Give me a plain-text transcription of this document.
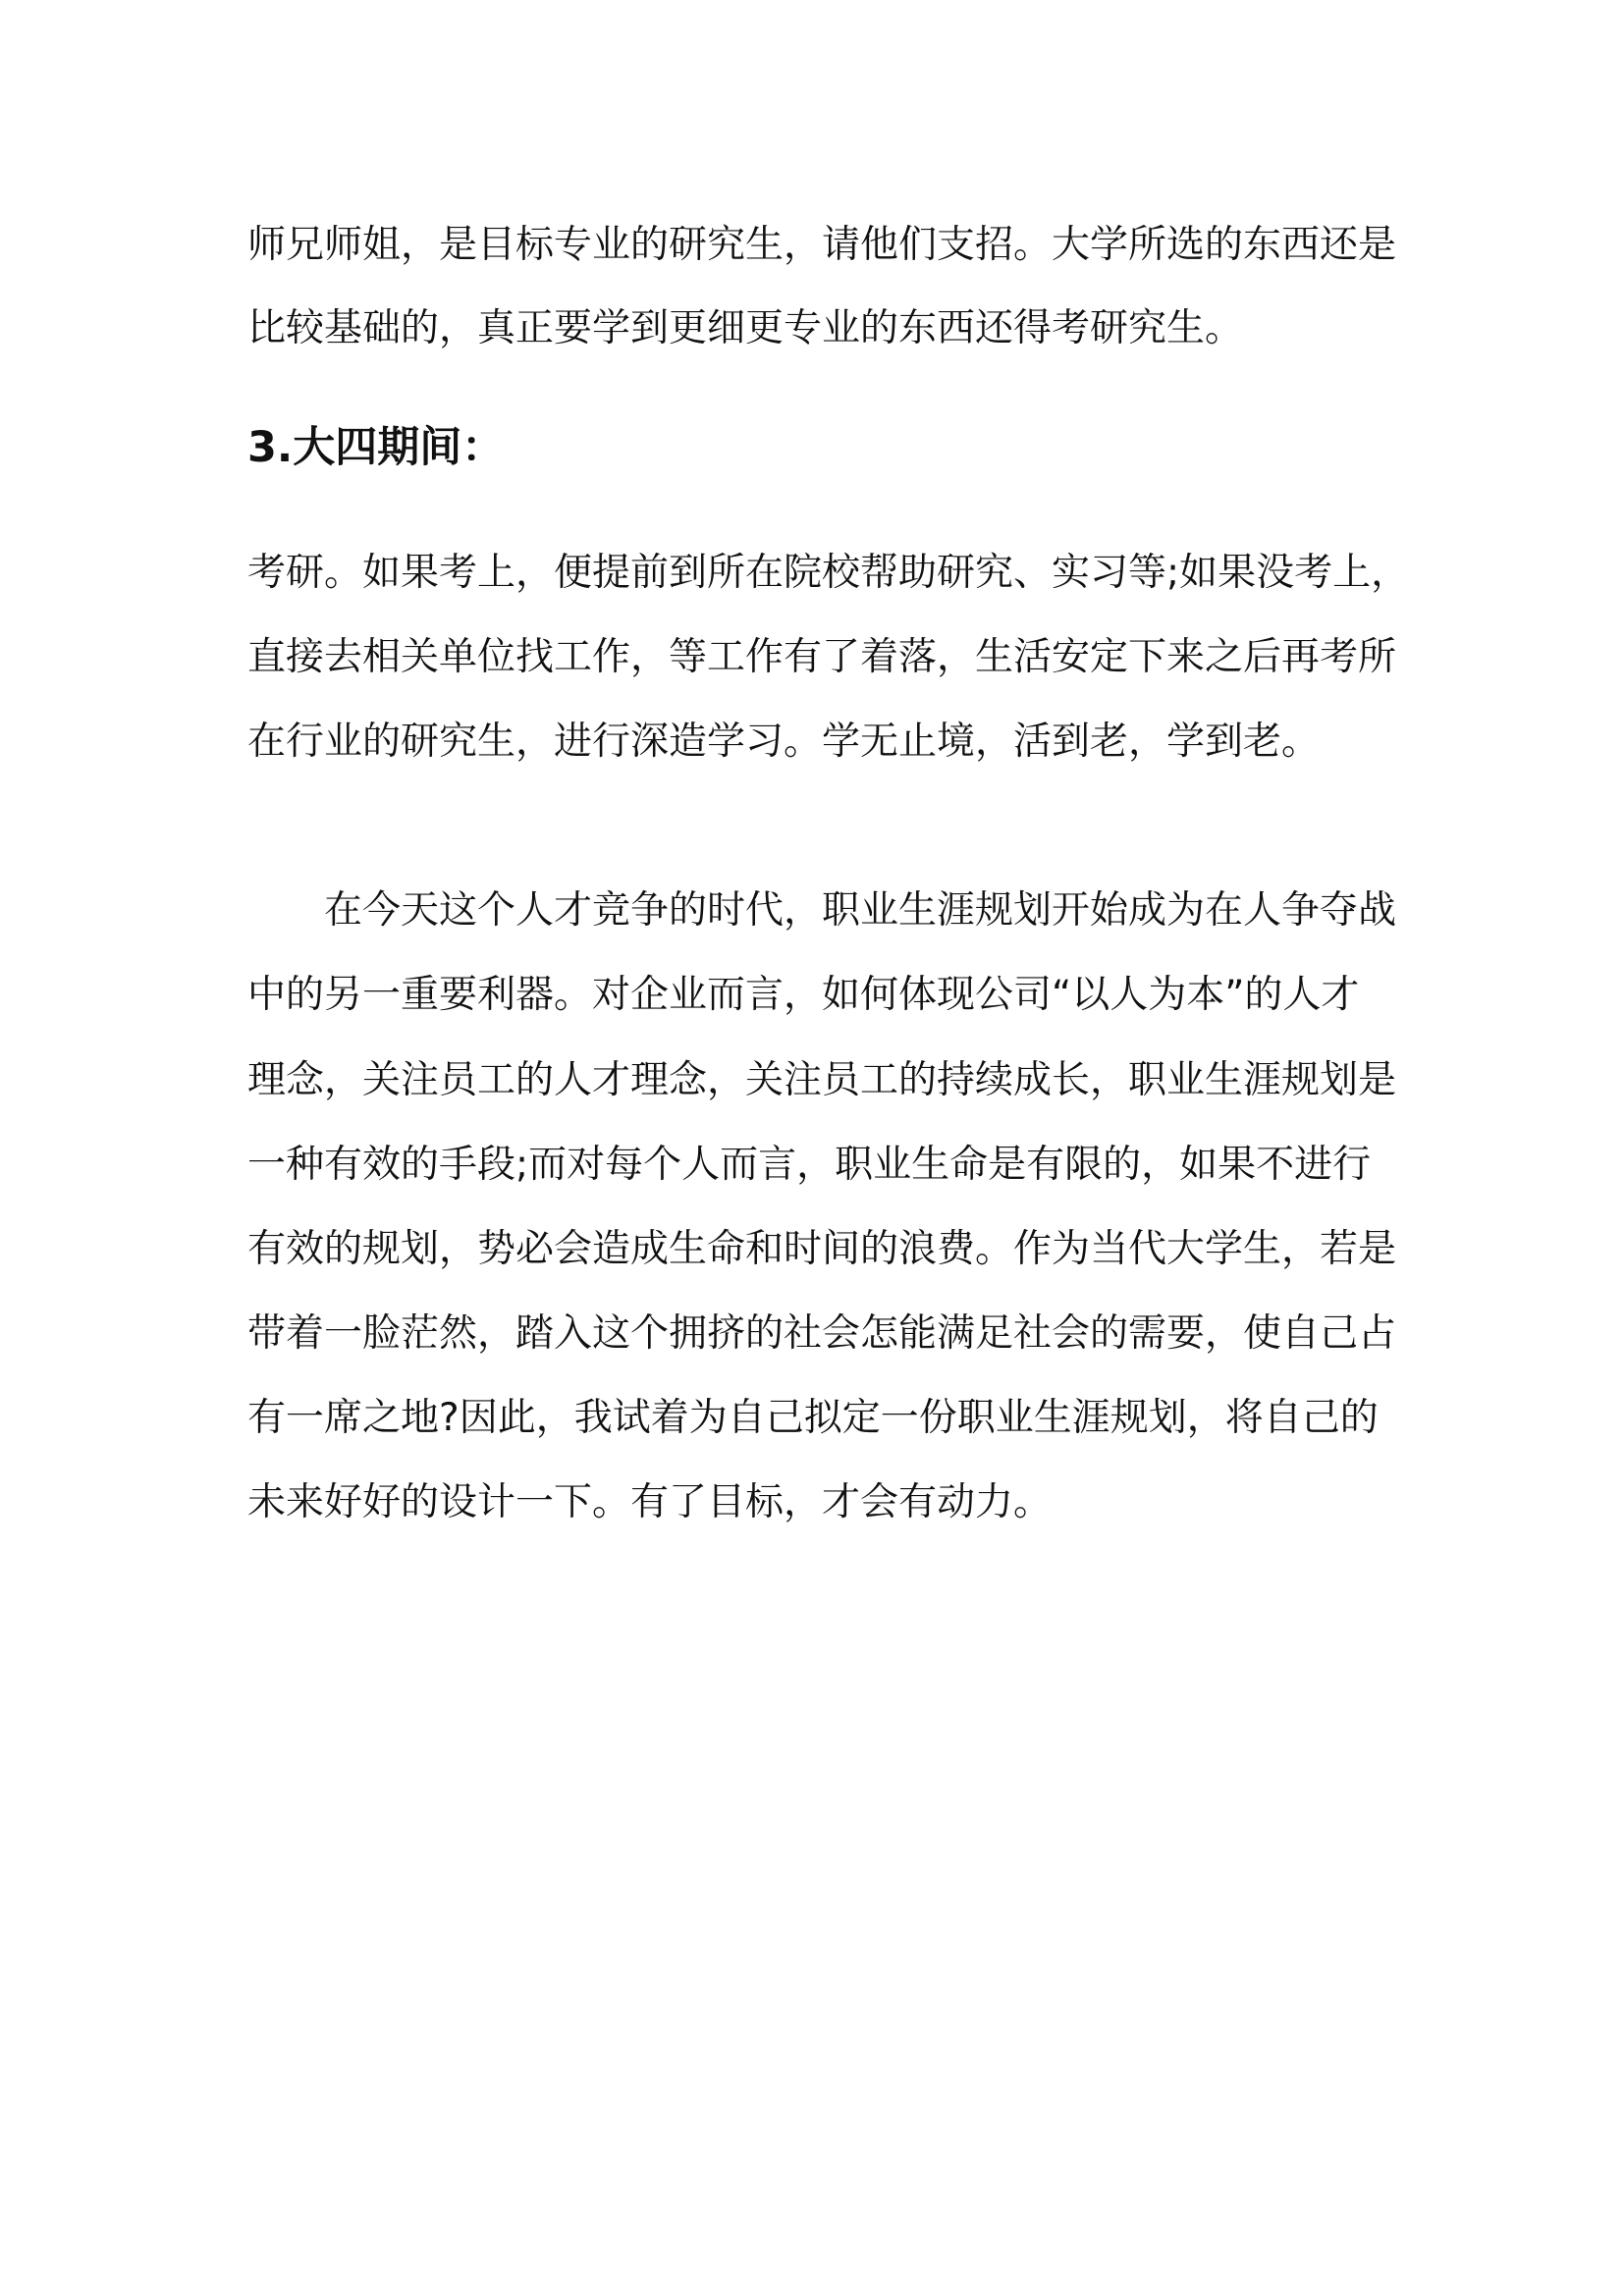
师兄师姐，是目标专业的研究生，请他们支招。大学所选的东西还是
比较基础的，真正要学到更细更专业的东西还得考研究生。
3.大四期间：
考研。如果考上，便提前到所在院校帮助研究、实习等;如果没考上，
直接去相关单位找工作，等工作有了着落，生活安定下来之后再考所
在行业的研究生，进行深造学习。学无止境，活到老，学到老。
在今天这个人才竞争的时代，职业生涯规划开始成为在人争夺战
中的另一重要利器。对企业而言，如何体现公司“以人为本”的人才
理念，关注员工的人才理念，关注员工的持续成长，职业生涯规划是
一种有效的手段;而对每个人而言，职业生命是有限的，如果不进行
有效的规划，势必会造成生命和时间的浪费。作为当代大学生，若是
带着一脸茫然，踏入这个拥挤的社会怎能满足社会的需要，使自己占
有一席之地?因此，我试着为自己拟定一份职业生涯规划，将自己的
未来好好的设计一下。有了目标，才会有动力。
